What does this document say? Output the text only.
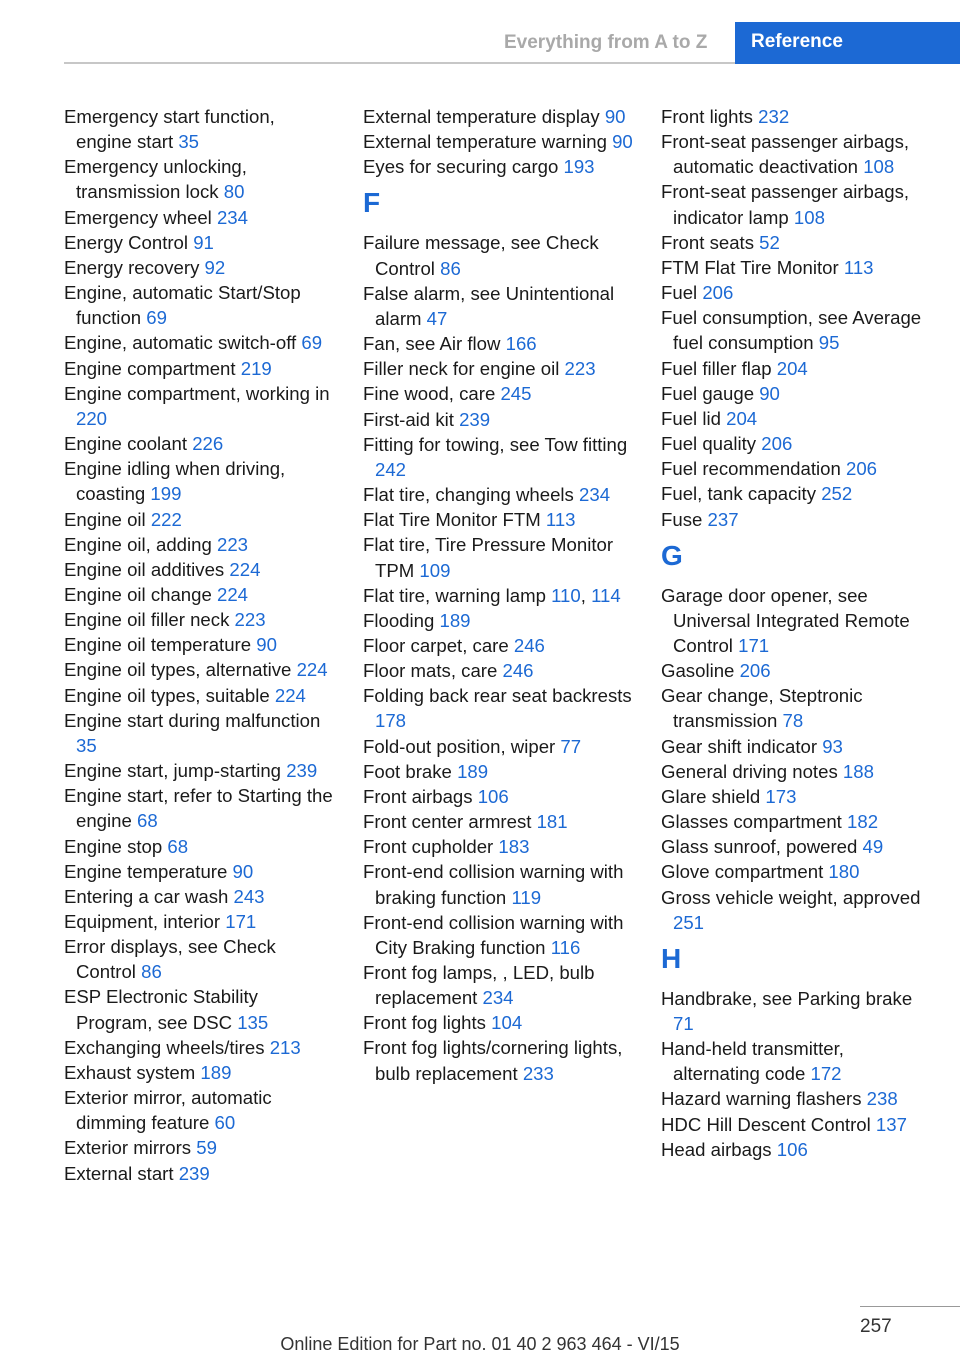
Everything from A to Z	Reference
Emergency start function, engine start 35
Emergency unlocking, transmission lock 80
Emergency wheel 234
Energy Control 91
Energy recovery 92
Engine, automatic Start/Stop function 69
Engine, automatic switch-off 69
Engine compartment 219
Engine compartment, working in 220
Engine coolant 226
Engine idling when driving, coasting 199
Engine oil 222
Engine oil, adding 223
Engine oil additives 224
Engine oil change 224
Engine oil filler neck 223
Engine oil temperature 90
Engine oil types, alternative 224
Engine oil types, suitable 224
Engine start during malfunction 35
Engine start, jump-starting 239
Engine start, refer to Starting the engine 68
Engine stop 68
Engine temperature 90
Entering a car wash 243
Equipment, interior 171
Error displays, see Check Control 86
ESP Electronic Stability Program, see DSC 135
Exchanging wheels/tires 213
Exhaust system 189
Exterior mirror, automatic dimming feature 60
Exterior mirrors 59
External start 239
External temperature display 90
External temperature warning 90
Eyes for securing cargo 193
F
Failure message, see Check Control 86
False alarm, see Unintentional alarm 47
Fan, see Air flow 166
Filler neck for engine oil 223
Fine wood, care 245
First-aid kit 239
Fitting for towing, see Tow fitting 242
Flat tire, changing wheels 234
Flat Tire Monitor FTM 113
Flat tire, Tire Pressure Monitor TPM 109
Flat tire, warning lamp 110, 114
Flooding 189
Floor carpet, care 246
Floor mats, care 246
Folding back rear seat backrests 178
Fold-out position, wiper 77
Foot brake 189
Front airbags 106
Front center armrest 181
Front cupholder 183
Front-end collision warning with braking function 119
Front-end collision warning with City Braking function 116
Front fog lamps, , LED, bulb replacement 234
Front fog lights 104
Front fog lights/cornering lights, bulb replacement 233
Front lights 232
Front-seat passenger airbags, automatic deactivation 108
Front-seat passenger airbags, indicator lamp 108
Front seats 52
FTM Flat Tire Monitor 113
Fuel 206
Fuel consumption, see Average fuel consumption 95
Fuel filler flap 204
Fuel gauge 90
Fuel lid 204
Fuel quality 206
Fuel recommendation 206
Fuel, tank capacity 252
Fuse 237
G
Garage door opener, see Universal Integrated Remote Control 171
Gasoline 206
Gear change, Steptronic transmission 78
Gear shift indicator 93
General driving notes 188
Glare shield 173
Glasses compartment 182
Glass sunroof, powered 49
Glove compartment 180
Gross vehicle weight, approved 251
H
Handbrake, see Parking brake 71
Hand-held transmitter, alternating code 172
Hazard warning flashers 238
HDC Hill Descent Control 137
Head airbags 106
257
Online Edition for Part no. 01 40 2 963 464 - VI/15
